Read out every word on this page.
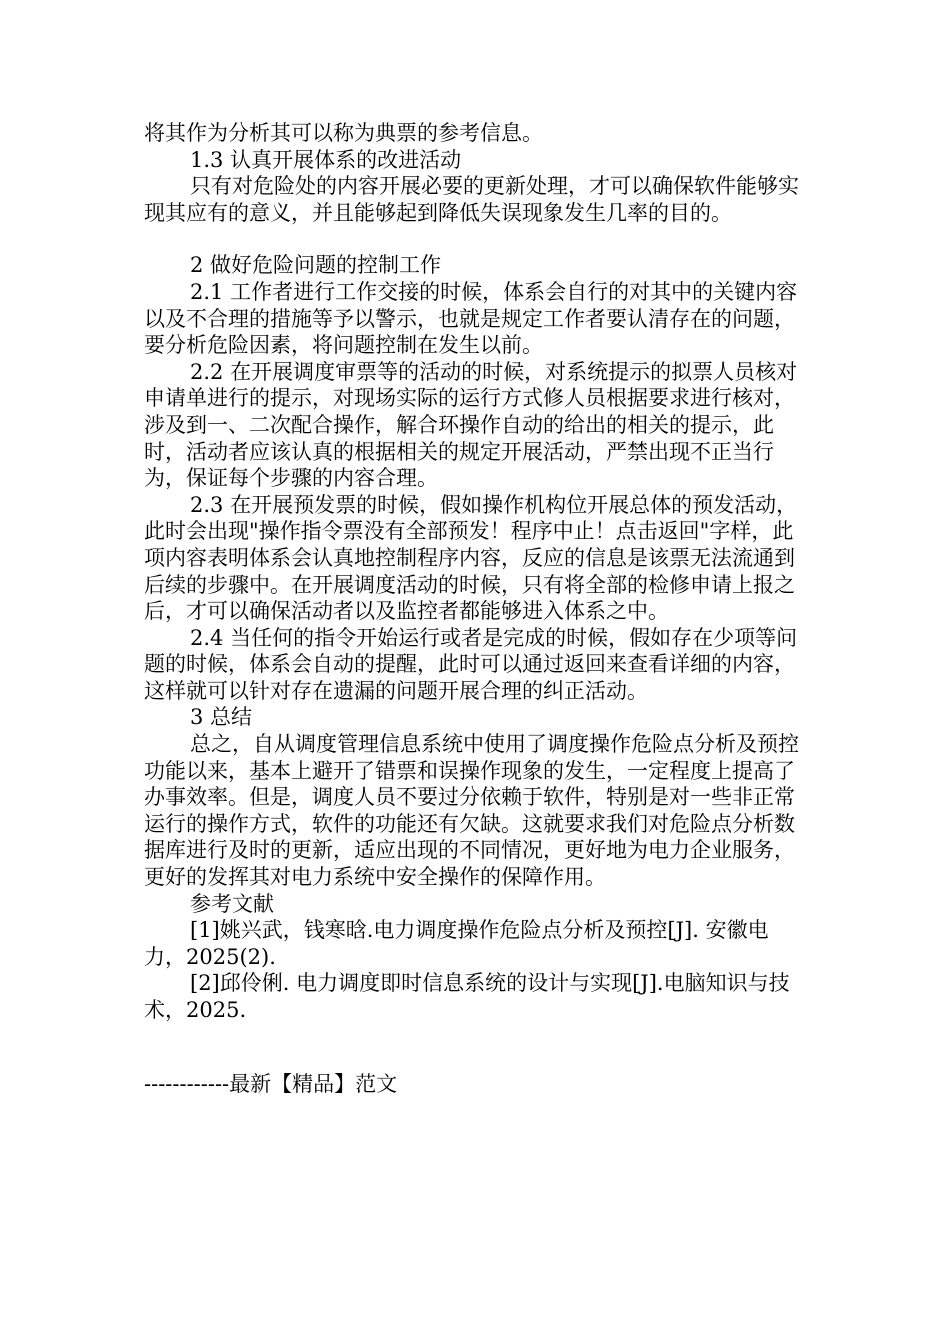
将其作为分析其可以称为典票的参考信息。

1.3 认真开展体系的改进活动

只有对危险处的内容开展必要的更新处理，才可以确保软件能够实现其应有的意义，并且能够起到降低失误现象发生几率的目的。

2 做好危险问题的控制工作

2.1 工作者进行工作交接的时候，体系会自行的对其中的关键内容以及不合理的措施等予以警示，也就是规定工作者要认清存在的问题，要分析危险因素，将问题控制在发生以前。

2.2 在开展调度审票等的活动的时候，对系统提示的拟票人员核对申请单进行的提示，对现场实际的运行方式修人员根据要求进行核对，涉及到一、二次配合操作，解合环操作自动的给出的相关的提示，此时，活动者应该认真的根据相关的规定开展活动，严禁出现不正当行为，保证每个步骤的内容合理。

2.3 在开展预发票的时候，假如操作机构位开展总体的预发活动，此时会出现"操作指令票没有全部预发！程序中止！点击返回"字样，此项内容表明体系会认真地控制程序内容，反应的信息是该票无法流通到后续的步骤中。在开展调度活动的时候，只有将全部的检修申请上报之后，才可以确保活动者以及监控者都能够进入体系之中。

2.4 当任何的指令开始运行或者是完成的时候，假如存在少项等问题的时候，体系会自动的提醒，此时可以通过返回来查看详细的内容，这样就可以针对存在遗漏的问题开展合理的纠正活动。

3 总结

总之，自从调度管理信息系统中使用了调度操作危险点分析及预控功能以来，基本上避开了错票和误操作现象的发生，一定程度上提高了办事效率。但是，调度人员不要过分依赖于软件，特别是对一些非正常运行的操作方式，软件的功能还有欠缺。这就要求我们对危险点分析数据库进行及时的更新，适应出现的不同情况，更好地为电力企业服务，更好的发挥其对电力系统中安全操作的保障作用。

参考文献

[1]姚兴武，钱寒晗.电力调度操作危险点分析及预控[J]. 安徽电力，2025(2).

[2]邱伶俐. 电力调度即时信息系统的设计与实现[J].电脑知识与技术，2025.

------------最新【精品】范文
